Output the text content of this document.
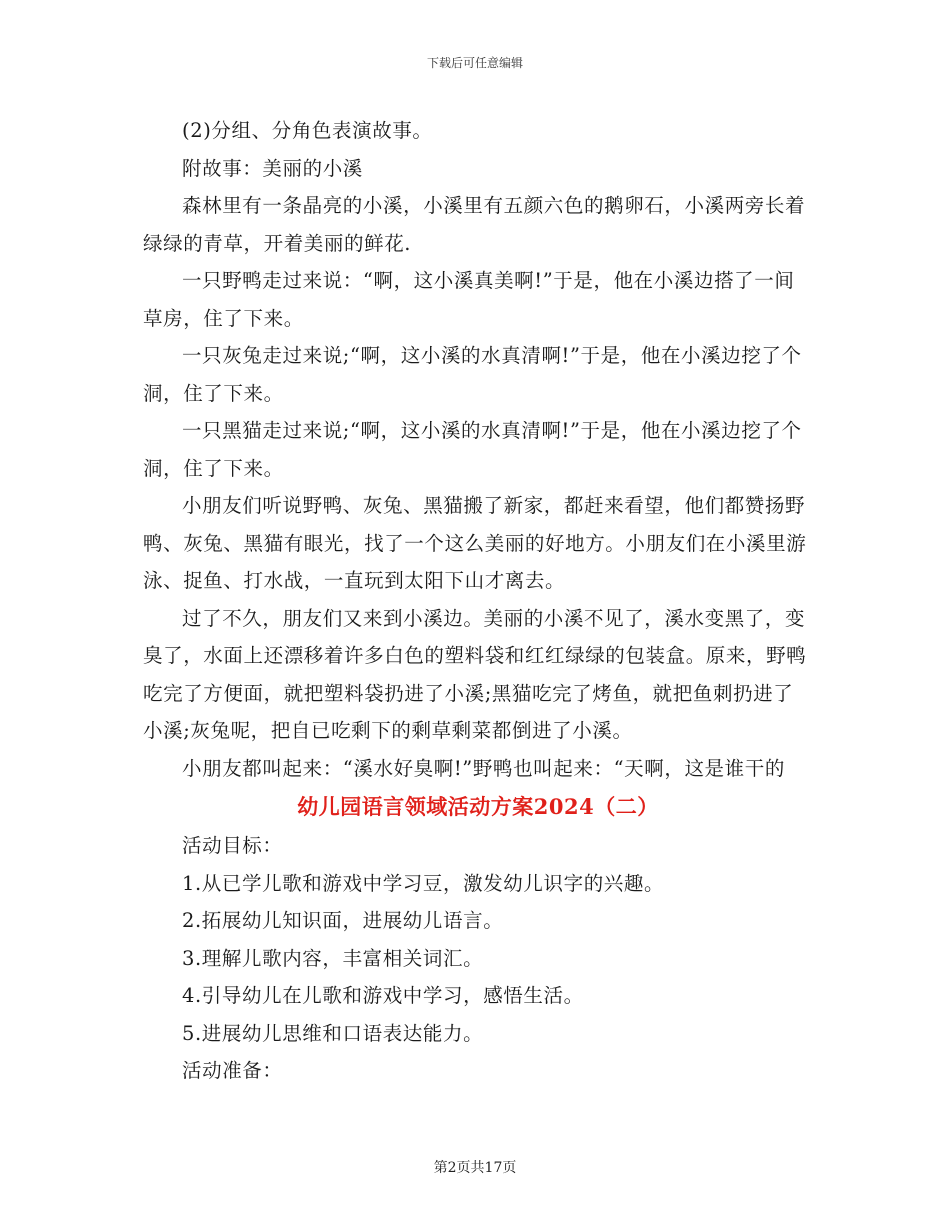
下载后可任意编辑

(2)分组、分角色表演故事。

附故事：美丽的小溪

森林里有一条晶亮的小溪，小溪里有五颜六色的鹅卵石，小溪两旁长着绿绿的青草，开着美丽的鲜花.

一只野鸭走过来说：“啊，这小溪真美啊!”于是，他在小溪边搭了一间草房，住了下来。

一只灰兔走过来说;“啊，这小溪的水真清啊!”于是，他在小溪边挖了个洞，住了下来。

一只黑猫走过来说;“啊，这小溪的水真清啊!”于是，他在小溪边挖了个洞，住了下来。

小朋友们听说野鸭、灰兔、黑猫搬了新家，都赶来看望，他们都赞扬野鸭、灰兔、黑猫有眼光，找了一个这么美丽的好地方。小朋友们在小溪里游泳、捉鱼、打水战，一直玩到太阳下山才离去。

过了不久，朋友们又来到小溪边。美丽的小溪不见了，溪水变黑了，变臭了，水面上还漂移着许多白色的塑料袋和红红绿绿的包装盒。原来，野鸭吃完了方便面，就把塑料袋扔进了小溪;黑猫吃完了烤鱼，就把鱼刺扔进了小溪;灰兔呢，把自已吃剩下的剩草剩菜都倒进了小溪。

小朋友都叫起来：“溪水好臭啊!”野鸭也叫起来：“天啊，这是谁干的

幼儿园语言领域活动方案2024（二）

活动目标：

1.从已学儿歌和游戏中学习豆，激发幼儿识字的兴趣。

2.拓展幼儿知识面，进展幼儿语言。

3.理解儿歌内容，丰富相关词汇。

4.引导幼儿在儿歌和游戏中学习，感悟生活。

5.进展幼儿思维和口语表达能力。

活动准备：

第2页共17页
